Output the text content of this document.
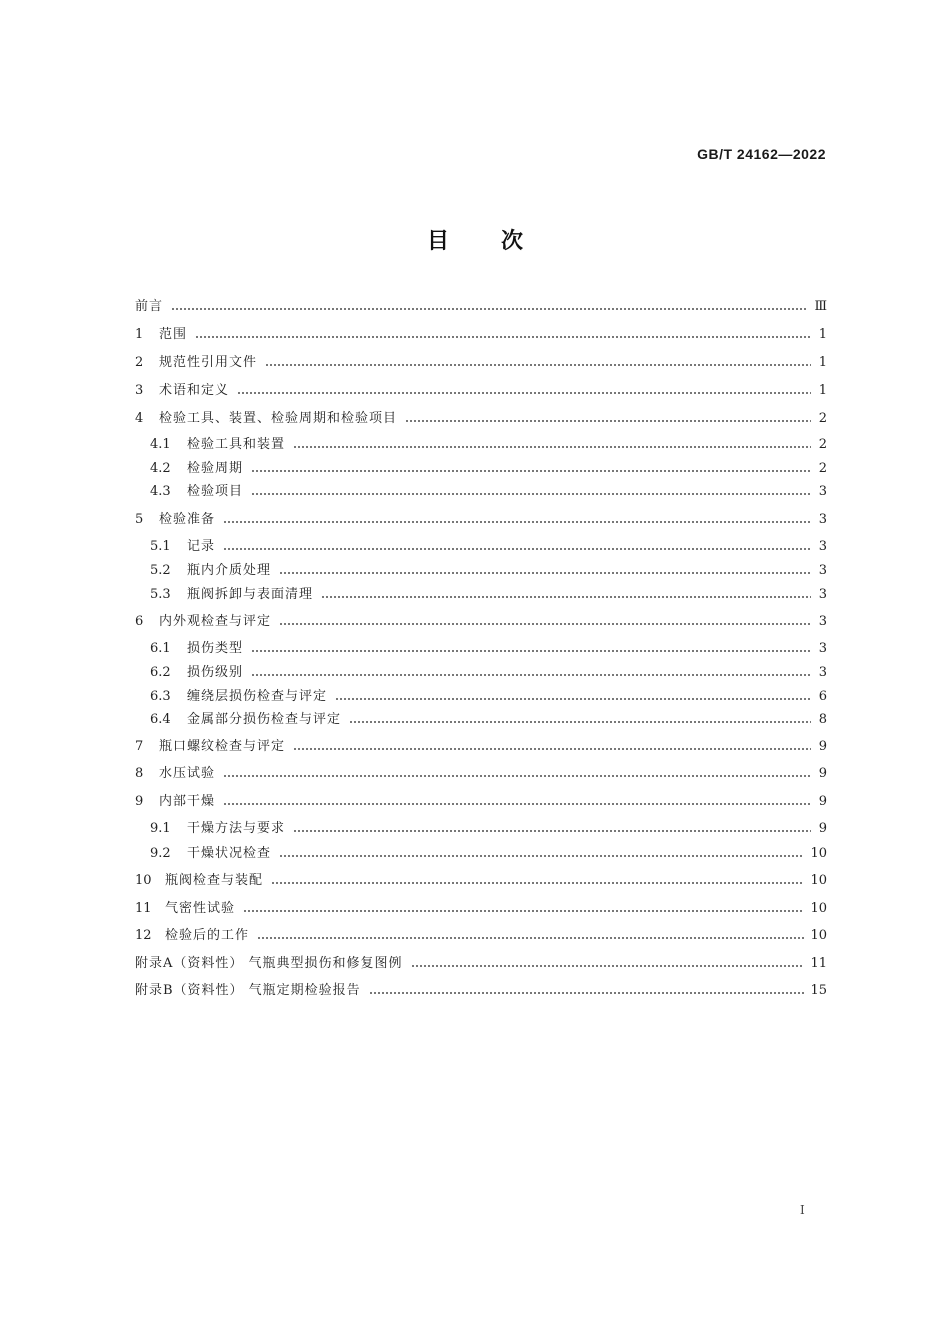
GB/T 24162—2022
目次
前言	Ⅲ
1	范围	1
2	规范性引用文件	1
3	术语和定义	1
4	检验工具、装置、检验周期和检验项目	2
4.1	检验工具和装置	2
4.2	检验周期	2
4.3	检验项目	3
5	检验准备	3
5.1	记录	3
5.2	瓶内介质处理	3
5.3	瓶阀拆卸与表面清理	3
6	内外观检查与评定	3
6.1	损伤类型	3
6.2	损伤级别	3
6.3	缠绕层损伤检查与评定	6
6.4	金属部分损伤检查与评定	8
7	瓶口螺纹检查与评定	9
8	水压试验	9
9	内部干燥	9
9.1	干燥方法与要求	9
9.2	干燥状况检查	10
10	瓶阀检查与装配	10
11	气密性试验	10
12	检验后的工作	10
附录A（资料性） 气瓶典型损伤和修复图例	11
附录B（资料性） 气瓶定期检验报告	15
I
